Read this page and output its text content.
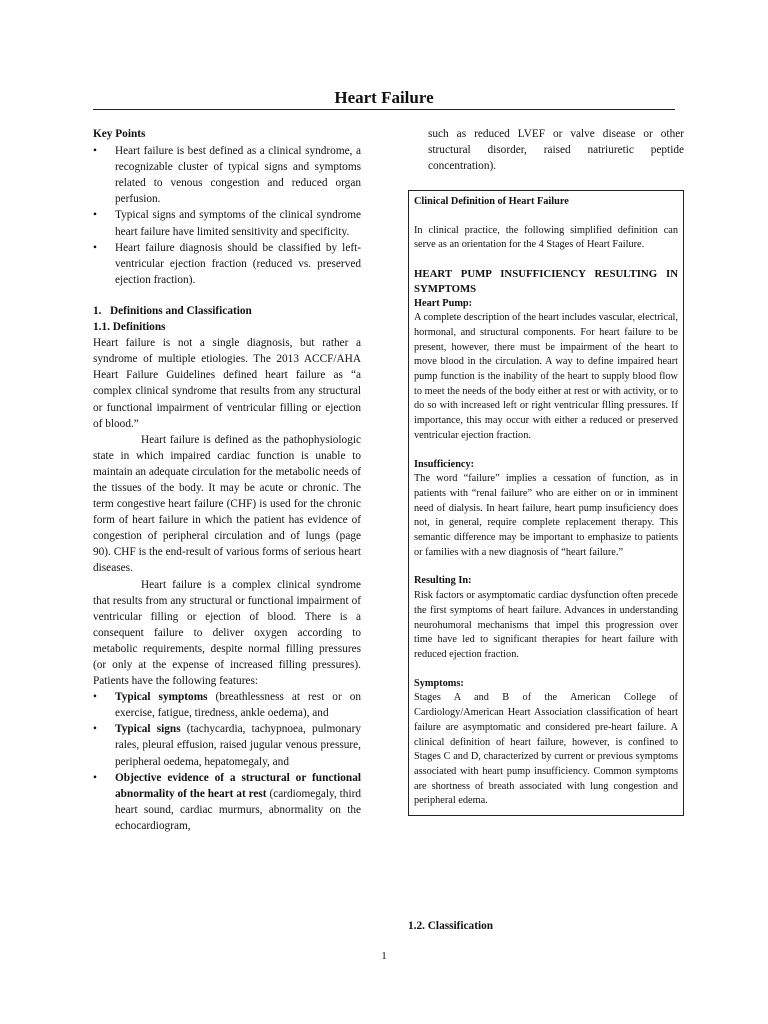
Heart Failure
Key Points
• Heart failure is best defined as a clinical syndrome, a recognizable cluster of typical signs and symptoms related to venous congestion and reduced organ perfusion.
• Typical signs and symptoms of the clinical syndrome heart failure have limited sensitivity and specificity.
• Heart failure diagnosis should be classified by left-ventricular ejection fraction (reduced vs. preserved ejection fraction).
1.   Definitions and Classification
1.1. Definitions

Heart failure is not a single diagnosis, but rather a syndrome of multiple etiologies. The 2013 ACCF/AHA Heart Failure Guidelines defined heart failure as “a complex clinical syndrome that results from any structural or functional impairment of ventricular filling or ejection of blood.”

Heart failure is defined as the pathophysiologic state in which impaired cardiac function is unable to maintain an adequate circulation for the metabolic needs of the tissues of the body. It may be acute or chronic. The term congestive heart failure (CHF) is used for the chronic form of heart failure in which the patient has evidence of congestion of peripheral circulation and of lungs (page 90). CHF is the end-result of various forms of serious heart diseases.

Heart failure is a complex clinical syndrome that results from any structural or functional impairment of ventricular filling or ejection of blood. There is a consequent failure to deliver oxygen according to metabolic requirements, despite normal filling pressures (or only at the expense of increased filling pressures). Patients have the following features:

• Typical symptoms (breathlessness at rest or on exercise, fatigue, tiredness, ankle oedema), and
• Typical signs (tachycardia, tachypnoea, pulmonary rales, pleural effusion, raised jugular venous pressure, peripheral oedema, hepatomegaly, and
• Objective evidence of a structural or functional abnormality of the heart at rest (cardiomegaly, third heart sound, cardiac murmurs, abnormality on the echocardiogram,

such as reduced LVEF or valve disease or other structural disorder, raised natriuretic peptide concentration).

Clinical Definition of Heart Failure
In clinical practice, the following simplified definition can serve as an orientation for the 4 Stages of Heart Failure.
HEART PUMP INSUFFICIENCY RESULTING IN SYMPTOMS
Heart Pump:
A complete description of the heart includes vascular, electrical, hormonal, and structural components. For heart failure to be present, however, there must be impairment of the heart to move blood in the circulation. A way to define impaired heart pump function is the inability of the heart to supply blood flow to meet the needs of the body either at rest or with activity, or to do so with increased left or right ventricular flling pressures. If importance, this may occur with either a reduced or preserved ventricular ejection fraction.
Insufficiency:
The word “failure” implies a cessation of function, as in patients with “renal failure” who are either on or in imminent need of dialysis. In heart failure, heart pump insuficiency does not, in general, require complete replacement therapy. This semantic difference may be important to emphasize to patients or families with a new diagnosis of “heart failure.”
Resulting In:
Risk factors or asymptomatic cardiac dysfunction often precede the first symptoms of heart failure. Advances in understanding neurohumoral mechanisms that impel this progression over time have led to significant therapies for heart failure with reduced ejection fraction.
Symptoms:
Stages A and B of the American College of Cardiology/American Heart Association classification of heart failure are asymptomatic and considered pre-heart failure. A clinical definition of heart failure, however, is confined to Stages C and D, characterized by current or previous symptoms associated with heart pump insufficiency. Common symptoms are shortness of breath associated with lung congestion and peripheral edema.
1.2. Classification
1
